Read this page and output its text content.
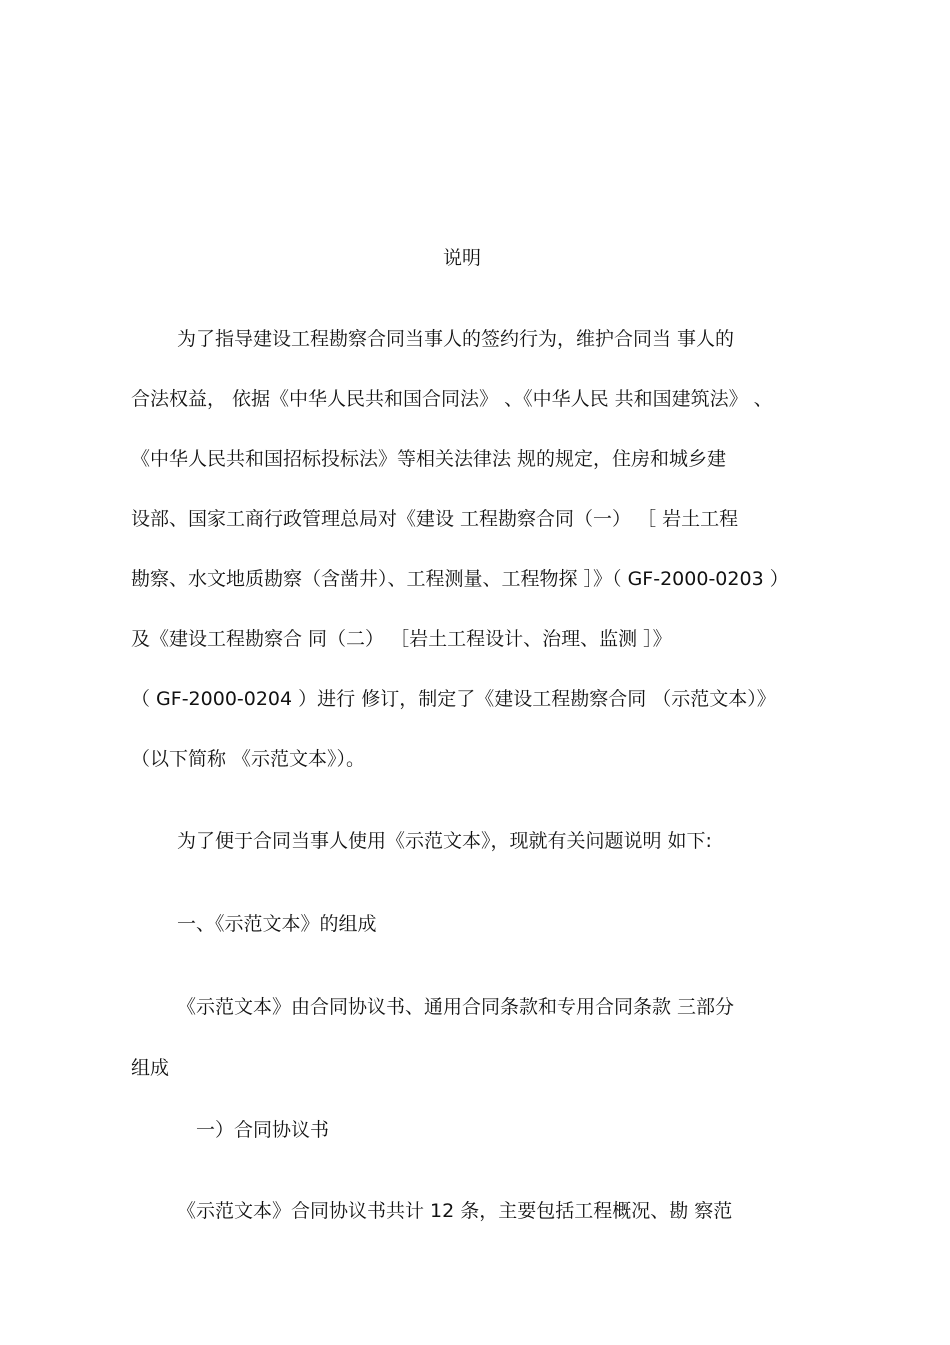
说明
为了指导建设工程勘察合同当事人的签约行为，维护合同当 事人的
合法权益， 依据《中华人民共和国合同法》 、《中华人民 共和国建筑法》 、
《中华人民共和国招标投标法》等相关法律法 规的规定，住房和城乡建
设部、国家工商行政管理总局对《建设 工程勘察合同（一） ［ 岩土工程
勘察、水文地质勘察（含凿井）、工程测量、工程物探 ］》（ GF-2000-0203 ）
及《建设工程勘察合 同（二） ［岩土工程设计、治理、监测 ］》
（ GF-2000-0204 ）进行 修订，制定了《建设工程勘察合同 （示范文本）》
（以下简称 《示范文本》）。
为了便于合同当事人使用《示范文本》，现就有关问题说明 如下:
一、《示范文本》的组成
《示范文本》由合同协议书、通用合同条款和专用合同条款 三部分
组成
一）合同协议书
《示范文本》合同协议书共计 12 条，主要包括工程概况、勘 察范
